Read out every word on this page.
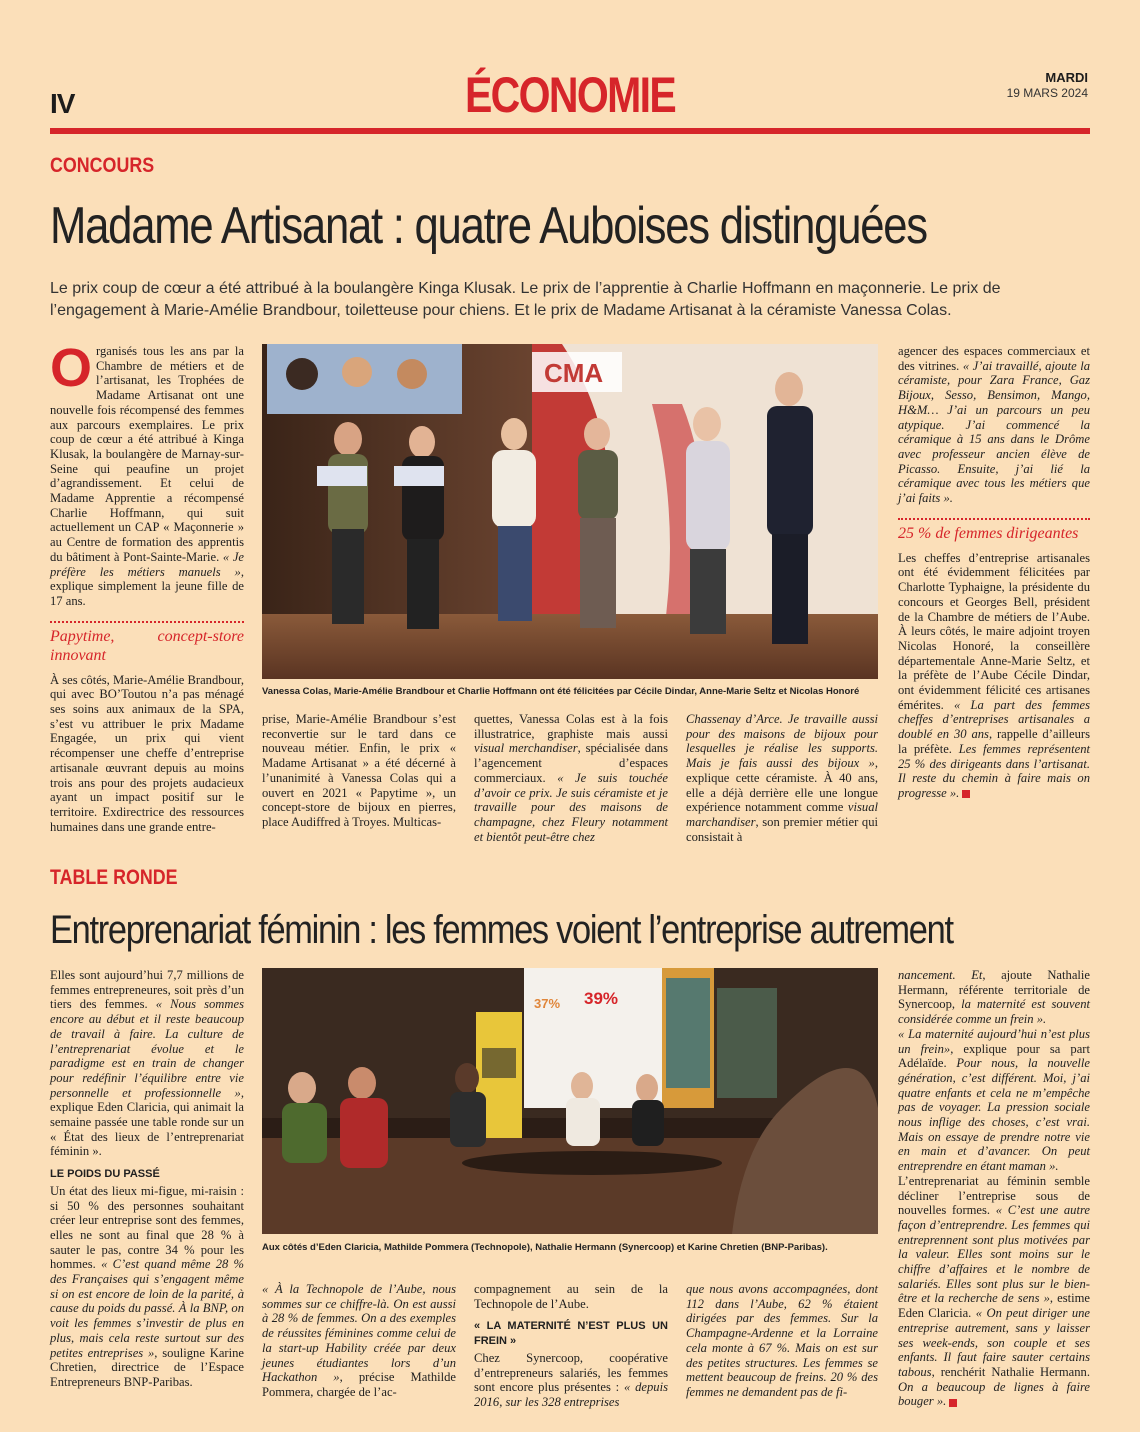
IV	ÉCONOMIE	MARDI
19 MARS 2024
CONCOURS
Madame Artisanat : quatre Auboises distinguées
Le prix coup de cœur a été attribué à la boulangère Kinga Klusak. Le prix de l’apprentie à Charlie Hoffmann en maçonnerie. Le prix de l’engagement à Marie-Amélie Brandbour, toiletteuse pour chiens. Et le prix de Madame Artisanat à la céramiste Vanessa Colas.
Organisés tous les ans par la Chambre de métiers et de l’artisanat, les Trophées de Madame Artisanat ont une nouvelle fois récompensé des femmes aux parcours exemplaires. Le prix coup de cœur a été attribué à Kinga Klusak, la boulangère de Marnay-sur-Seine qui peaufine un projet d’agrandissement. Et celui de Madame Apprentie a récompensé Charlie Hoffmann, qui suit actuellement un CAP « Maçonnerie » au Centre de formation des apprentis du bâtiment à Pont-Sainte-Marie. « Je préfère les métiers manuels », explique simplement la jeune fille de 17 ans.
Papytime, concept-store innovant

À ses côtés, Marie-Amélie Brandbour, qui avec BO’Toutou n’a pas ménagé ses soins aux animaux de la SPA, s’est vu attribuer le prix Madame Engagée, un prix qui vient récompenser une cheffe d’entreprise artisanale œuvrant depuis au moins trois ans pour des projets audacieux ayant un impact positif sur le territoire. Exdirectrice des ressources humaines dans une grande entre-

CMA
Vanessa Colas, Marie-Amélie Brandbour et Charlie Hoffmann ont été félicitées par Cécile Dindar, Anne-Marie Seltz et Nicolas Honoré

prise, Marie-Amélie Brandbour s’est reconvertie sur le tard dans ce nouveau métier. Enfin, le prix « Madame Artisanat » a été décerné à l’unanimité à Vanessa Colas qui a ouvert en 2021 « Papytime », un concept-store de bijoux en pierres, place Audiffred à Troyes. Multicas-

quettes, Vanessa Colas est à la fois illustratrice, graphiste mais aussi visual merchandiser, spécialisée dans l’agencement d’espaces commerciaux. « Je suis touchée d’avoir ce prix. Je suis céramiste et je travaille pour des maisons de champagne, chez Fleury notamment et bientôt peut-être chez
Chassenay d’Arce. Je travaille aussi pour des maisons de bijoux pour lesquelles je réalise les supports. Mais je fais aussi des bijoux », explique cette céramiste. À 40 ans, elle a déjà derrière elle une longue expérience notamment comme visual marchandiser, son premier métier qui consistait à
agencer des espaces commerciaux et des vitrines. « J’ai travaillé, ajoute la céramiste, pour Zara France, Gaz Bijoux, Sesso, Bensimon, Mango, H&M… J’ai un parcours un peu atypique. J’ai commencé la céramique à 15 ans dans le Drôme avec professeur ancien élève de Picasso. Ensuite, j’ai lié la céramique avec tous les métiers que j’ai faits ».
25 % de femmes dirigeantes
Les cheffes d’entreprise artisanales ont été évidemment félicitées par Charlotte Typhaigne, la présidente du concours et Georges Bell, président de la Chambre de métiers de l’Aube. À leurs côtés, le maire adjoint troyen Nicolas Honoré, la conseillère départementale Anne-Marie Seltz, et la préfète de l’Aube Cécile Dindar, ont évidemment félicité ces artisanes émérites. « La part des femmes cheffes d’entreprises artisanales a doublé en 30 ans, rappelle d’ailleurs la préfète. Les femmes représentent 25 % des dirigeants dans l’artisanat. Il reste du chemin à faire mais on progresse ».
TABLE RONDE
Entreprenariat féminin : les femmes voient l’entreprise autrement
Elles sont aujourd’hui 7,7 millions de femmes entrepreneures, soit près d’un tiers des femmes. « Nous sommes encore au début et il reste beaucoup de travail à faire. La culture de l’entreprenariat évolue et le paradigme est en train de changer pour redéfinir l’équilibre entre vie personnelle et professionnelle », explique Eden Claricia, qui animait la semaine passée une table ronde sur un « État des lieux de l’entreprenariat féminin ».
LE POIDS DU PASSÉ
Un état des lieux mi-figue, mi-raisin : si 50 % des personnes souhaitant créer leur entreprise sont des femmes, elles ne sont au final que 28 % à sauter le pas, contre 34 % pour les hommes. « C’est quand même 28 % des Françaises qui s’engagent même si on est encore de loin de la parité, à cause du poids du passé. À la BNP, on voit les femmes s’investir de plus en plus, mais cela reste surtout sur des petites entreprises », souligne Karine Chretien, directrice de l’Espace Entrepreneurs BNP-Paribas.
37% 39%
Aux côtés d’Eden Claricia, Mathilde Pommera (Technopole), Nathalie Hermann (Synercoop) et Karine Chretien (BNP-Paribas).
« À la Technopole de l’Aube, nous sommes sur ce chiffre-là. On est aussi à 28 % de femmes. On a des exemples de réussites féminines comme celui de la start-up Hability créée par deux jeunes étudiantes lors d’un Hackathon », précise Mathilde Pommera, chargée de l’ac-
compagnement au sein de la Technopole de l’Aube.
« LA MATERNITÉ N’EST PLUS UN FREIN »
Chez Synercoop, coopérative d’entrepreneurs salariés, les femmes sont encore plus présentes : « depuis 2016, sur les 328 entreprises
que nous avons accompagnées, dont 112 dans l’Aube, 62 % étaient dirigées par des femmes. Sur la Champagne-Ardenne et la Lorraine cela monte à 67 %. Mais on est sur des petites structures. Les femmes se mettent beaucoup de freins. 20 % des femmes ne demandent pas de fi-
nancement. Et, ajoute Nathalie Hermann, référente territoriale de Synercoop, la maternité est souvent considérée comme un frein ».
« La maternité aujourd’hui n’est plus un frein», explique pour sa part Adélaïde. Pour nous, la nouvelle génération, c’est différent. Moi, j’ai quatre enfants et cela ne m’empêche pas de voyager. La pression sociale nous inflige des choses, c’est vrai. Mais on essaye de prendre notre vie en main et d’avancer. On peut entreprendre en étant maman ».
L’entreprenariat au féminin semble décliner l’entreprise sous de nouvelles formes. « C’est une autre façon d’entreprendre. Les femmes qui entreprennent sont plus motivées par la valeur. Elles sont moins sur le chiffre d’affaires et le nombre de salariés. Elles sont plus sur le bien-être et la recherche de sens », estime Eden Claricia. « On peut diriger une entreprise autrement, sans y laisser ses week-ends, son couple et ses enfants. Il faut faire sauter certains tabous, renchérit Nathalie Hermann. On a beaucoup de lignes à faire bouger ».
